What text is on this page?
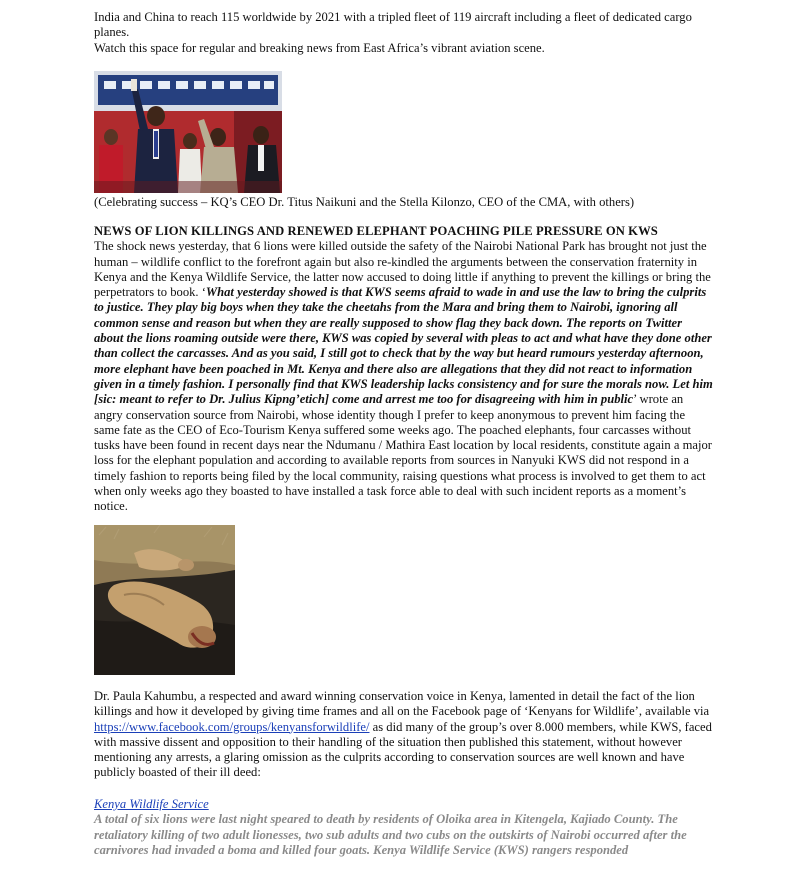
India and China to reach 115 worldwide by 2021 with a tripled fleet of 119 aircraft including a fleet of dedicated cargo planes.

Watch this space for regular and breaking news from East Africa’s vibrant aviation scene.

(Celebrating success – KQ’s CEO Dr. Titus Naikuni and the Stella Kilonzo, CEO of the CMA, with others)

NEWS OF LION KILLINGS AND RENEWED ELEPHANT POACHING PILE PRESSURE ON KWS

The shock news yesterday, that 6 lions were killed outside the safety of the Nairobi National Park has brought not just the human – wildlife conflict to the forefront again but also re-kindled the arguments between the conservation fraternity in Kenya and the Kenya Wildlife Service, the latter now accused to doing little if anything to prevent the killings or bring the perpetrators to book. ‘What yesterday showed is that KWS seems afraid to wade in and use the law to bring the culprits to justice. They play big boys when they take the cheetahs from the Mara and bring them to Nairobi, ignoring all common sense and reason but when they are really supposed to show flag they back down. The reports on Twitter about the lions roaming outside were there, KWS was copied by several with pleas to act and what have they done other than collect the carcasses. And as you said, I still got to check that by the way but heard rumours yesterday afternoon, more elephant have been poached in Mt. Kenya and there also are allegations that they did not react to information given in a timely fashion. I personally find that KWS leadership lacks consistency and for sure the morals now. Let him [sic: meant to refer to Dr. Julius Kipng’etich] come and arrest me too for disagreeing with him in public’ wrote an angry conservation source from Nairobi, whose identity though I prefer to keep anonymous to prevent him facing the same fate as the CEO of Eco-Tourism Kenya suffered some weeks ago. The poached elephants, four carcasses without tusks have been found in recent days near the Ndumanu / Mathira East location by local residents, constitute again a major loss for the elephant population and according to available reports from sources in Nanyuki KWS did not respond in a timely fashion to reports being filed by the local community, raising questions what process is involved to get them to act when only weeks ago they boasted to have installed a task force able to deal with such incident reports as a moment’s notice.

Dr. Paula Kahumbu, a respected and award winning conservation voice in Kenya, lamented in detail the fact of the lion killings and how it developed by giving time frames and all on the Facebook page of ‘Kenyans for Wildlife’, available via https://www.facebook.com/groups/kenyansforwildlife/ as did many of the group’s over 8.000 members, while KWS, faced with massive dissent and opposition to their handling of the situation then published this statement, without however mentioning any arrests, a glaring omission as the culprits according to conservation sources are well known and have publicly boasted of their ill deed:

Kenya Wildlife Service

A total of six lions were last night speared to death by residents of Oloika area in Kitengela, Kajiado County. The retaliatory killing of two adult lionesses, two sub adults and two cubs on the outskirts of Nairobi occurred after the carnivores had invaded a boma and killed four goats. Kenya Wildlife Service (KWS) rangers responded
